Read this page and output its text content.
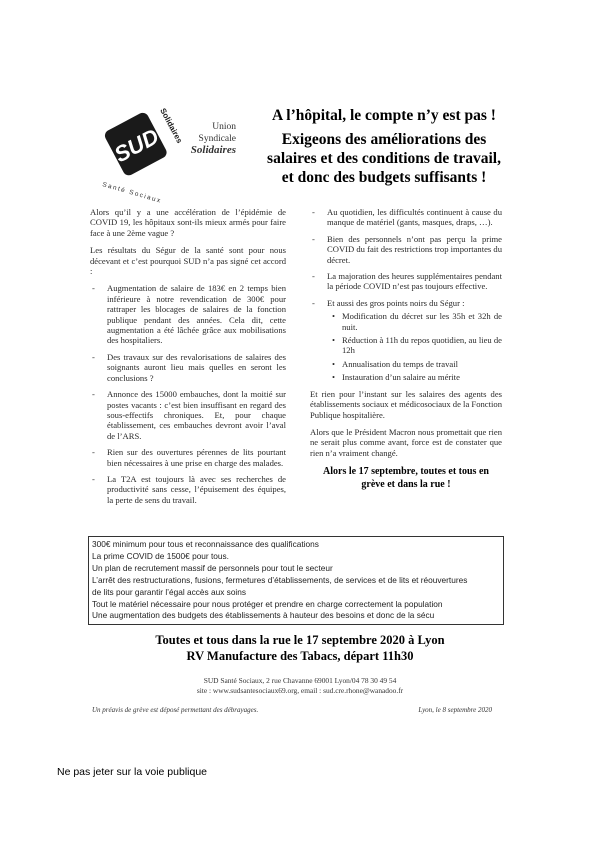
SUD
Solidaires
Santé Sociaux
Union
Syndicale
Solidaires
A l’hôpital, le compte n’y est pas !
Exigeons des améliorations des
salaires et des conditions de travail,
et donc des budgets suffisants !

Alors qu’il y a une accélération de l’épidémie de COVID 19, les hôpitaux sont-ils mieux armés pour faire face à une 2ème vague ?

Les résultats du Ségur de la santé sont pour nous décevant et c’est pourquoi SUD n’a pas signé cet accord :

- Augmentation de salaire de 183€ en 2 temps bien inférieure à notre revendication de 300€ pour rattraper les blocages de salaires de la fonction publique pendant des années. Cela dit, cette augmentation a été lâchée grâce aux mobilisations des hospitaliers.
- Des travaux sur des revalorisations de salaires des soignants auront lieu mais quelles en seront les conclusions ?
- Annonce des 15000 embauches, dont la moitié sur postes vacants : c’est bien insuffisant en regard des sous-effectifs chroniques. Et, pour chaque établissement, ces embauches devront avoir l’aval de l’ARS.
- Rien sur des ouvertures pérennes de lits pourtant bien nécessaires à une prise en charge des malades.
- La T2A est toujours là avec ses recherches de productivité sans cesse, l’épuisement des équipes, la perte de sens du travail.
- Au quotidien, les difficultés continuent à cause du manque de matériel (gants, masques, draps, …).
- Bien des personnels n’ont pas perçu la prime COVID du fait des restrictions trop importantes du décret.
- La majoration des heures supplémentaires pendant la période COVID n’est pas toujours effective.
- Et aussi des gros points noirs du Ségur :
• Modification du décret sur les 35h et 32h de nuit.
• Réduction à 11h du repos quotidien, au lieu de 12h
• Annualisation du temps de travail
• Instauration d’un salaire au mérite

Et rien pour l’instant sur les salaires des agents des établissements sociaux et médicosociaux de la Fonction Publique hospitalière.

Alors que le Président Macron nous promettait que rien ne serait plus comme avant, force est de constater que rien n’a vraiment changé.

Alors le 17 septembre, toutes et tous en
grève et dans la rue !
300€ minimum pour tous et reconnaissance des qualifications
La prime COVID de 1500€ pour tous.
Un plan de recrutement massif de personnels pour tout le secteur
L’arrêt des restructurations, fusions, fermetures d’établissements, de services et de lits et réouvertures
de lits pour garantir l’égal accès aux soins
Tout le matériel nécessaire pour nous protéger et prendre en charge correctement la population
Une augmentation des budgets des établissements à hauteur des besoins et donc de la sécu
Toutes et tous dans la rue le 17 septembre 2020 à Lyon
RV Manufacture des Tabacs, départ 11h30
SUD Santé Sociaux, 2 rue Chavanne 69001 Lyon/04 78 30 49 54
site : www.sudsantesociaux69.org, email : sud.cre.rhone@wanadoo.fr
Un préavis de grève est déposé permettant des débrayages.	Lyon, le 8 septembre 2020
Ne pas jeter sur la voie publique
